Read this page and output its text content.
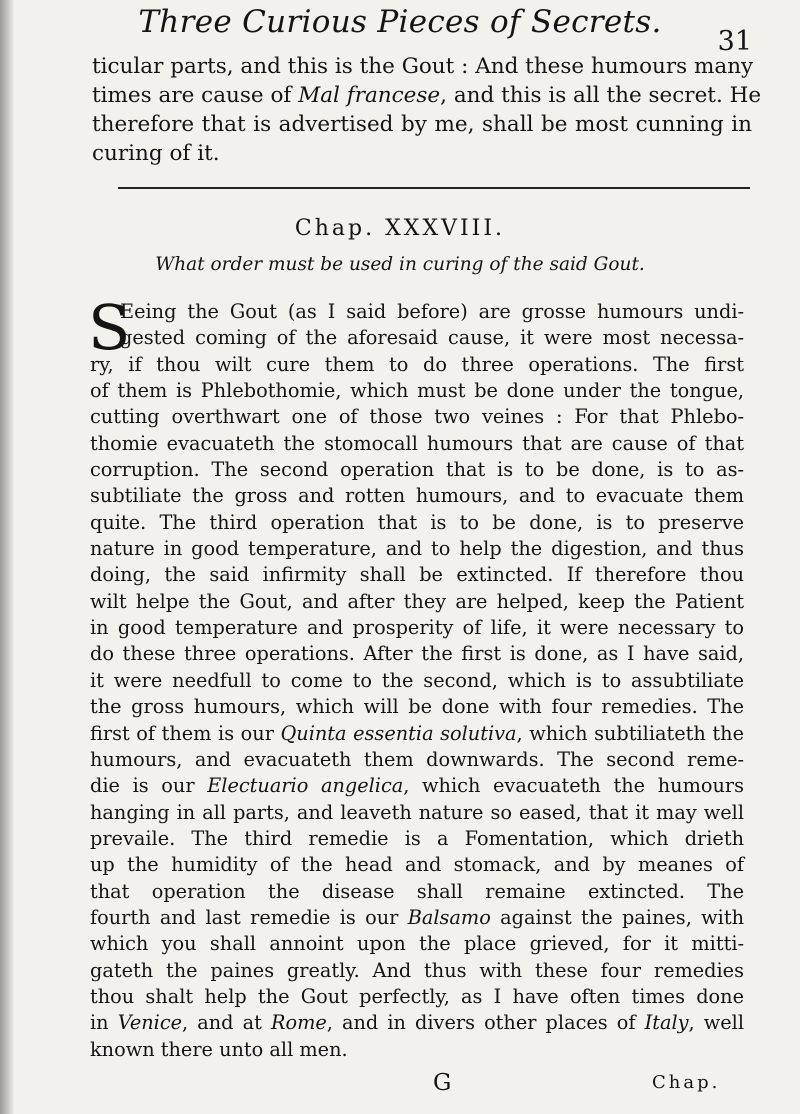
Three Curious Pieces of Secrets.
31
ticular parts, and this is the Gout : And these humours many
times are cause of Mal francese, and this is all the secret. He
therefore that is advertised by me, shall be most cunning in
curing of it.
Chap. XXXVIII.
What order must be used in curing of the said Gout.
S
Eeing the Gout (as I said before) are grosse humours undi-
gested coming of the aforesaid cause, it were most necessa-
ry, if thou wilt cure them to do three operations. The first
of them is Phlebothomie, which must be done under the tongue,
cutting overthwart one of those two veines : For that Phlebo-
thomie evacuateth the stomocall humours that are cause of that
corruption. The second operation that is to be done, is to as-
subtiliate the gross and rotten humours, and to evacuate them
quite. The third operation that is to be done, is to preserve
nature in good temperature, and to help the digestion, and thus
doing, the said infirmity shall be extincted. If therefore thou
wilt helpe the Gout, and after they are helped, keep the Patient
in good temperature and prosperity of life, it were necessary to
do these three operations. After the first is done, as I have said,
it were needfull to come to the second, which is to assubtiliate
the gross humours, which will be done with four remedies. The
first of them is our Quinta essentia solutiva, which subtiliateth the
humours, and evacuateth them downwards. The second reme-
die is our Electuario angelica, which evacuateth the humours
hanging in all parts, and leaveth nature so eased, that it may well
prevaile. The third remedie is a Fomentation, which drieth
up the humidity of the head and stomack, and by meanes of
that operation the disease shall remaine extincted. The
fourth and last remedie is our Balsamo against the paines, with
which you shall annoint upon the place grieved, for it mitti-
gateth the paines greatly. And thus with these four remedies
thou shalt help the Gout perfectly, as I have often times done
in Venice, and at Rome, and in divers other places of Italy, well
known there unto all men.
G	Chap.
